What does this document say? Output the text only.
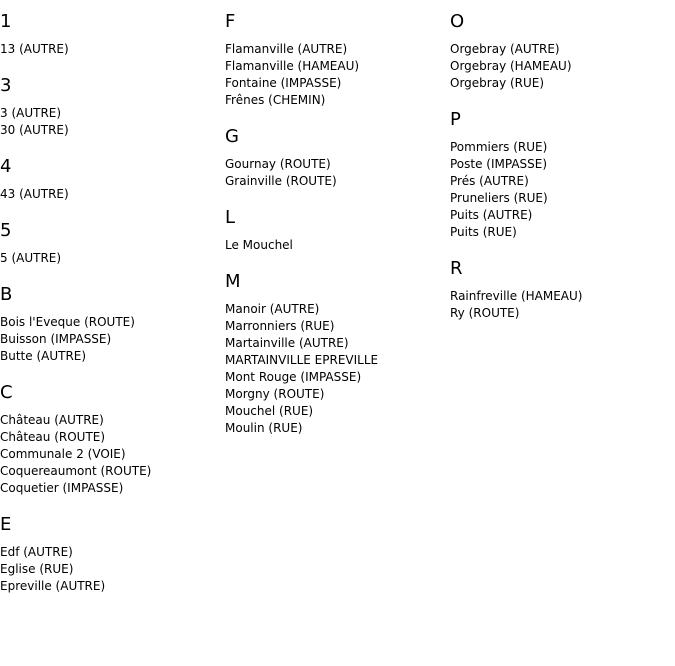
1
13 (AUTRE)
3
3 (AUTRE)
30 (AUTRE)
4
43 (AUTRE)
5
5 (AUTRE)
B
Bois l'Eveque (ROUTE)
Buisson (IMPASSE)
Butte (AUTRE)
C
Château (AUTRE)
Château (ROUTE)
Communale 2 (VOIE)
Coquereaumont (ROUTE)
Coquetier (IMPASSE)
E
Edf (AUTRE)
Eglise (RUE)
Epreville (AUTRE)
F
Flamanville (AUTRE)
Flamanville (HAMEAU)
Fontaine (IMPASSE)
Frênes (CHEMIN)
G
Gournay (ROUTE)
Grainville (ROUTE)
L
Le Mouchel
M
Manoir (AUTRE)
Marronniers (RUE)
Martainville (AUTRE)
MARTAINVILLE EPREVILLE
Mont Rouge (IMPASSE)
Morgny (ROUTE)
Mouchel (RUE)
Moulin (RUE)
O
Orgebray (AUTRE)
Orgebray (HAMEAU)
Orgebray (RUE)
P
Pommiers (RUE)
Poste (IMPASSE)
Prés (AUTRE)
Pruneliers (RUE)
Puits (AUTRE)
Puits (RUE)
R
Rainfreville (HAMEAU)
Ry (ROUTE)
